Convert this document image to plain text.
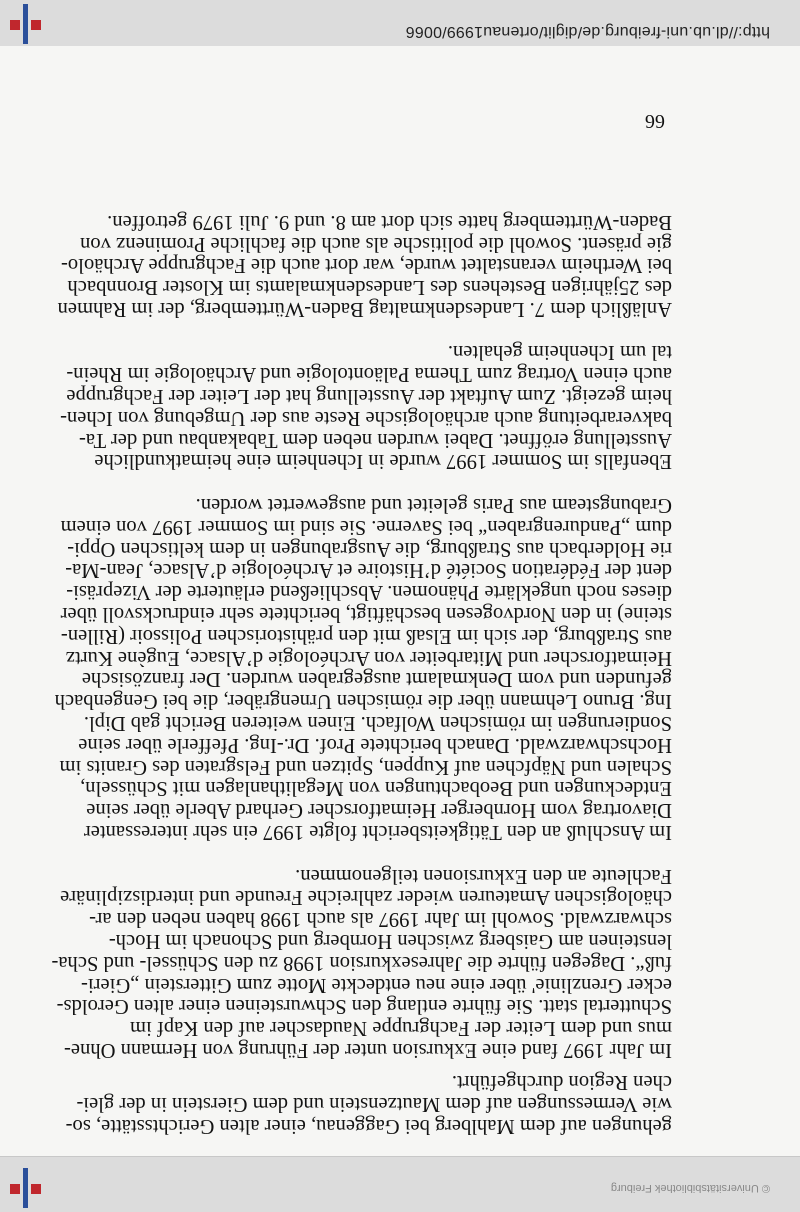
© Universitätsbibliothek Freiburg
http://dl.ub.uni-freiburg.de/diglit/ortenau1999/0066

gehungen auf dem Mahlberg bei Gaggenau, einer alten Gerichtsstätte, so-

wie Vermessungen auf dem Mautzenstein und dem Gierstein in der glei-

chen Region durchgeführt.

Im Jahr 1997 fand eine Exkursion unter der Führung von Hermann Ohne-

mus und dem Leiter der Fachgruppe Naudascher auf den Kapf im

Schuttertal statt. Sie führte entlang den Schwursteinen einer alten Gerolds-

ecker Grenzlinie' über eine neu entdeckte Motte zum Gitterstein „Gieri-

fuß“. Dagegen führte die Jahresexkursion 1998 zu den Schüssel- und Scha-

lensteinen am Gaisberg zwischen Hornberg und Schonach im Hoch-

schwarzwald. Sowohl im Jahr 1997 als auch 1998 haben neben den ar-

chäologischen Amateuren wieder zahlreiche Freunde und interdisziplinäre

Fachleute an den Exkursionen teilgenommen.

Im Anschluß an den Tätigkeitsbericht folgte 1997 ein sehr interessanter

Diavortrag vom Hornberger Heimatforscher Gerhard Aberle über seine

Entdeckungen und Beobachtungen von Megalithanlagen mit Schüsseln,

Schalen und Näpfchen auf Kuppen, Spitzen und Felsgraten des Granits im

Hochschwarzwald. Danach berichtete Prof. Dr.-Ing. Pfefferle über seine

Sondierungen im römischen Wolfach. Einen weiteren Bericht gab Dipl.

Ing. Bruno Lehmann über die römischen Urnengräber, die bei Gengenbach

gefunden und vom Denkmalamt ausgegraben wurden. Der französische

Heimatforscher und Mitarbeiter von Archéologie d’Alsace, Eugène Kurtz

aus Straßburg, der sich im Elsaß mit den prähistorischen Polissoir (Rillen-

steine) in den Nordvogesen beschäftigt, berichtete sehr eindrucksvoll über

dieses noch ungeklärte Phänomen. Abschließend erläuterte der Vizepräsi-

dent der Fédération Société d’Histoire et Archéologie d’Alsace, Jean-Ma-

rie Holderbach aus Straßburg, die Ausgrabungen in dem keltischen Oppi-

dum „Pandurengraben“ bei Saverne. Sie sind im Sommer 1997 von einem

Grabungsteam aus Paris geleitet und ausgewertet worden.

Ebenfalls im Sommer 1997 wurde in Ichenheim eine heimatkundliche

Ausstellung eröffnet. Dabei wurden neben dem Tabakanbau und der Ta-

bakverarbeitung auch archäologische Reste aus der Umgebung von Ichen-

heim gezeigt. Zum Auftakt der Ausstellung hat der Leiter der Fachgruppe

auch einen Vortrag zum Thema Paläontologie und Archäologie im Rhein-

tal um Ichenheim gehalten.

Anläßlich dem 7. Landesdenkmaltag Baden-Württemberg, der im Rahmen

des 25jährigen Bestehens des Landesdenkmalamts im Kloster Bronnbach

bei Wertheim veranstaltet wurde, war dort auch die Fachgruppe Archäolo-

gie präsent. Sowohl die politische als auch die fachliche Prominenz von

Baden-Württemberg hatte sich dort am 8. und 9. Juli 1979 getroffen.

66
